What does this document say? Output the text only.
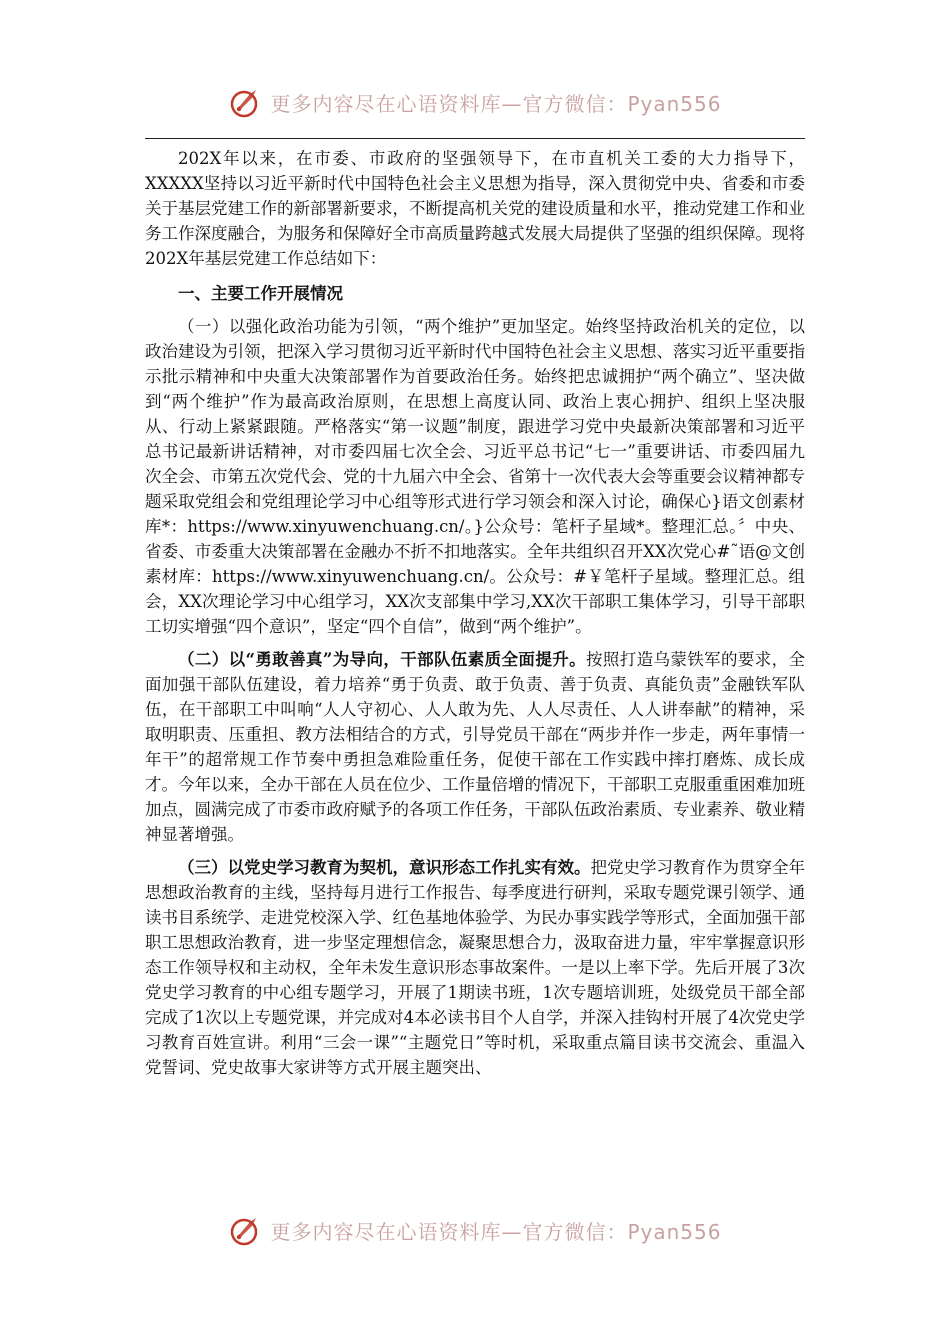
更多内容尽在心语资料库—官方微信：Pyan556

202X年以来，在市委、市政府的坚强领导下，在市直机关工委的大力指导下，XXXXX坚持以习近平新时代中国特色社会主义思想为指导，深入贯彻党中央、省委和市委关于基层党建工作的新部署新要求，不断提高机关党的建设质量和水平，推动党建工作和业务工作深度融合，为服务和保障好全市高质量跨越式发展大局提供了坚强的组织保障。现将202X年基层党建工作总结如下：

一、主要工作开展情况

（一）以强化政治功能为引领，“两个维护”更加坚定。始终坚持政治机关的定位，以政治建设为引领，把深入学习贯彻习近平新时代中国特色社会主义思想、落实习近平重要指示批示精神和中央重大决策部署作为首要政治任务。始终把忠诚拥护“两个确立”、坚决做到“两个维护”作为最高政治原则，在思想上高度认同、政治上衷心拥护、组织上坚决服从、行动上紧紧跟随。严格落实“第一议题”制度，跟进学习党中央最新决策部署和习近平总书记最新讲话精神，对市委四届七次全会、习近平总书记“七一”重要讲话、市委四届九次全会、市第五次党代会、党的十九届六中全会、省第十一次代表大会等重要会议精神都专题采取党组会和党组理论学习中心组等形式进行学习领会和深入讨论，确保心}语文创素材库*：https://www.xinyuwenchuang.cn/。}公众号：笔杆子星域*。整理汇总。〞中央、省委、市委重大决策部署在金融办不折不扣地落实。全年共组织召开XX次党心#˜语@文创素材库：https://www.xinyuwenchuang.cn/。公众号：#￥笔杆子星域。整理汇总。组会，XX次理论学习中心组学习，XX次支部集中学习,XX次干部职工集体学习，引导干部职工切实增强“四个意识”，坚定“四个自信”，做到“两个维护”。

（二）以“勇敢善真”为导向，干部队伍素质全面提升。按照打造乌蒙铁军的要求，全面加强干部队伍建设，着力培养“勇于负责、敢于负责、善于负责、真能负责”金融铁军队伍，在干部职工中叫响“人人守初心、人人敢为先、人人尽责任、人人讲奉献”的精神，采取明职责、压重担、教方法相结合的方式，引导党员干部在“两步并作一步走，两年事情一年干”的超常规工作节奏中勇担急难险重任务，促使干部在工作实践中摔打磨炼、成长成才。今年以来，全办干部在人员在位少、工作量倍增的情况下，干部职工克服重重困难加班加点，圆满完成了市委市政府赋予的各项工作任务，干部队伍政治素质、专业素养、敬业精神显著增强。

（三）以党史学习教育为契机，意识形态工作扎实有效。把党史学习教育作为贯穿全年思想政治教育的主线，坚持每月进行工作报告、每季度进行研判，采取专题党课引领学、通读书目系统学、走进党校深入学、红色基地体验学、为民办事实践学等形式，全面加强干部职工思想政治教育，进一步坚定理想信念，凝聚思想合力，汲取奋进力量，牢牢掌握意识形态工作领导权和主动权，全年未发生意识形态事故案件。一是以上率下学。先后开展了3次党史学习教育的中心组专题学习，开展了1期读书班，1次专题培训班，处级党员干部全部完成了1次以上专题党课，并完成对4本必读书目个人自学，并深入挂钩村开展了4次党史学习教育百姓宣讲。利用“三会一课”“主题党日”等时机，采取重点篇目读书交流会、重温入党誓词、党史故事大家讲等方式开展主题突出、

更多内容尽在心语资料库—官方微信：Pyan556
